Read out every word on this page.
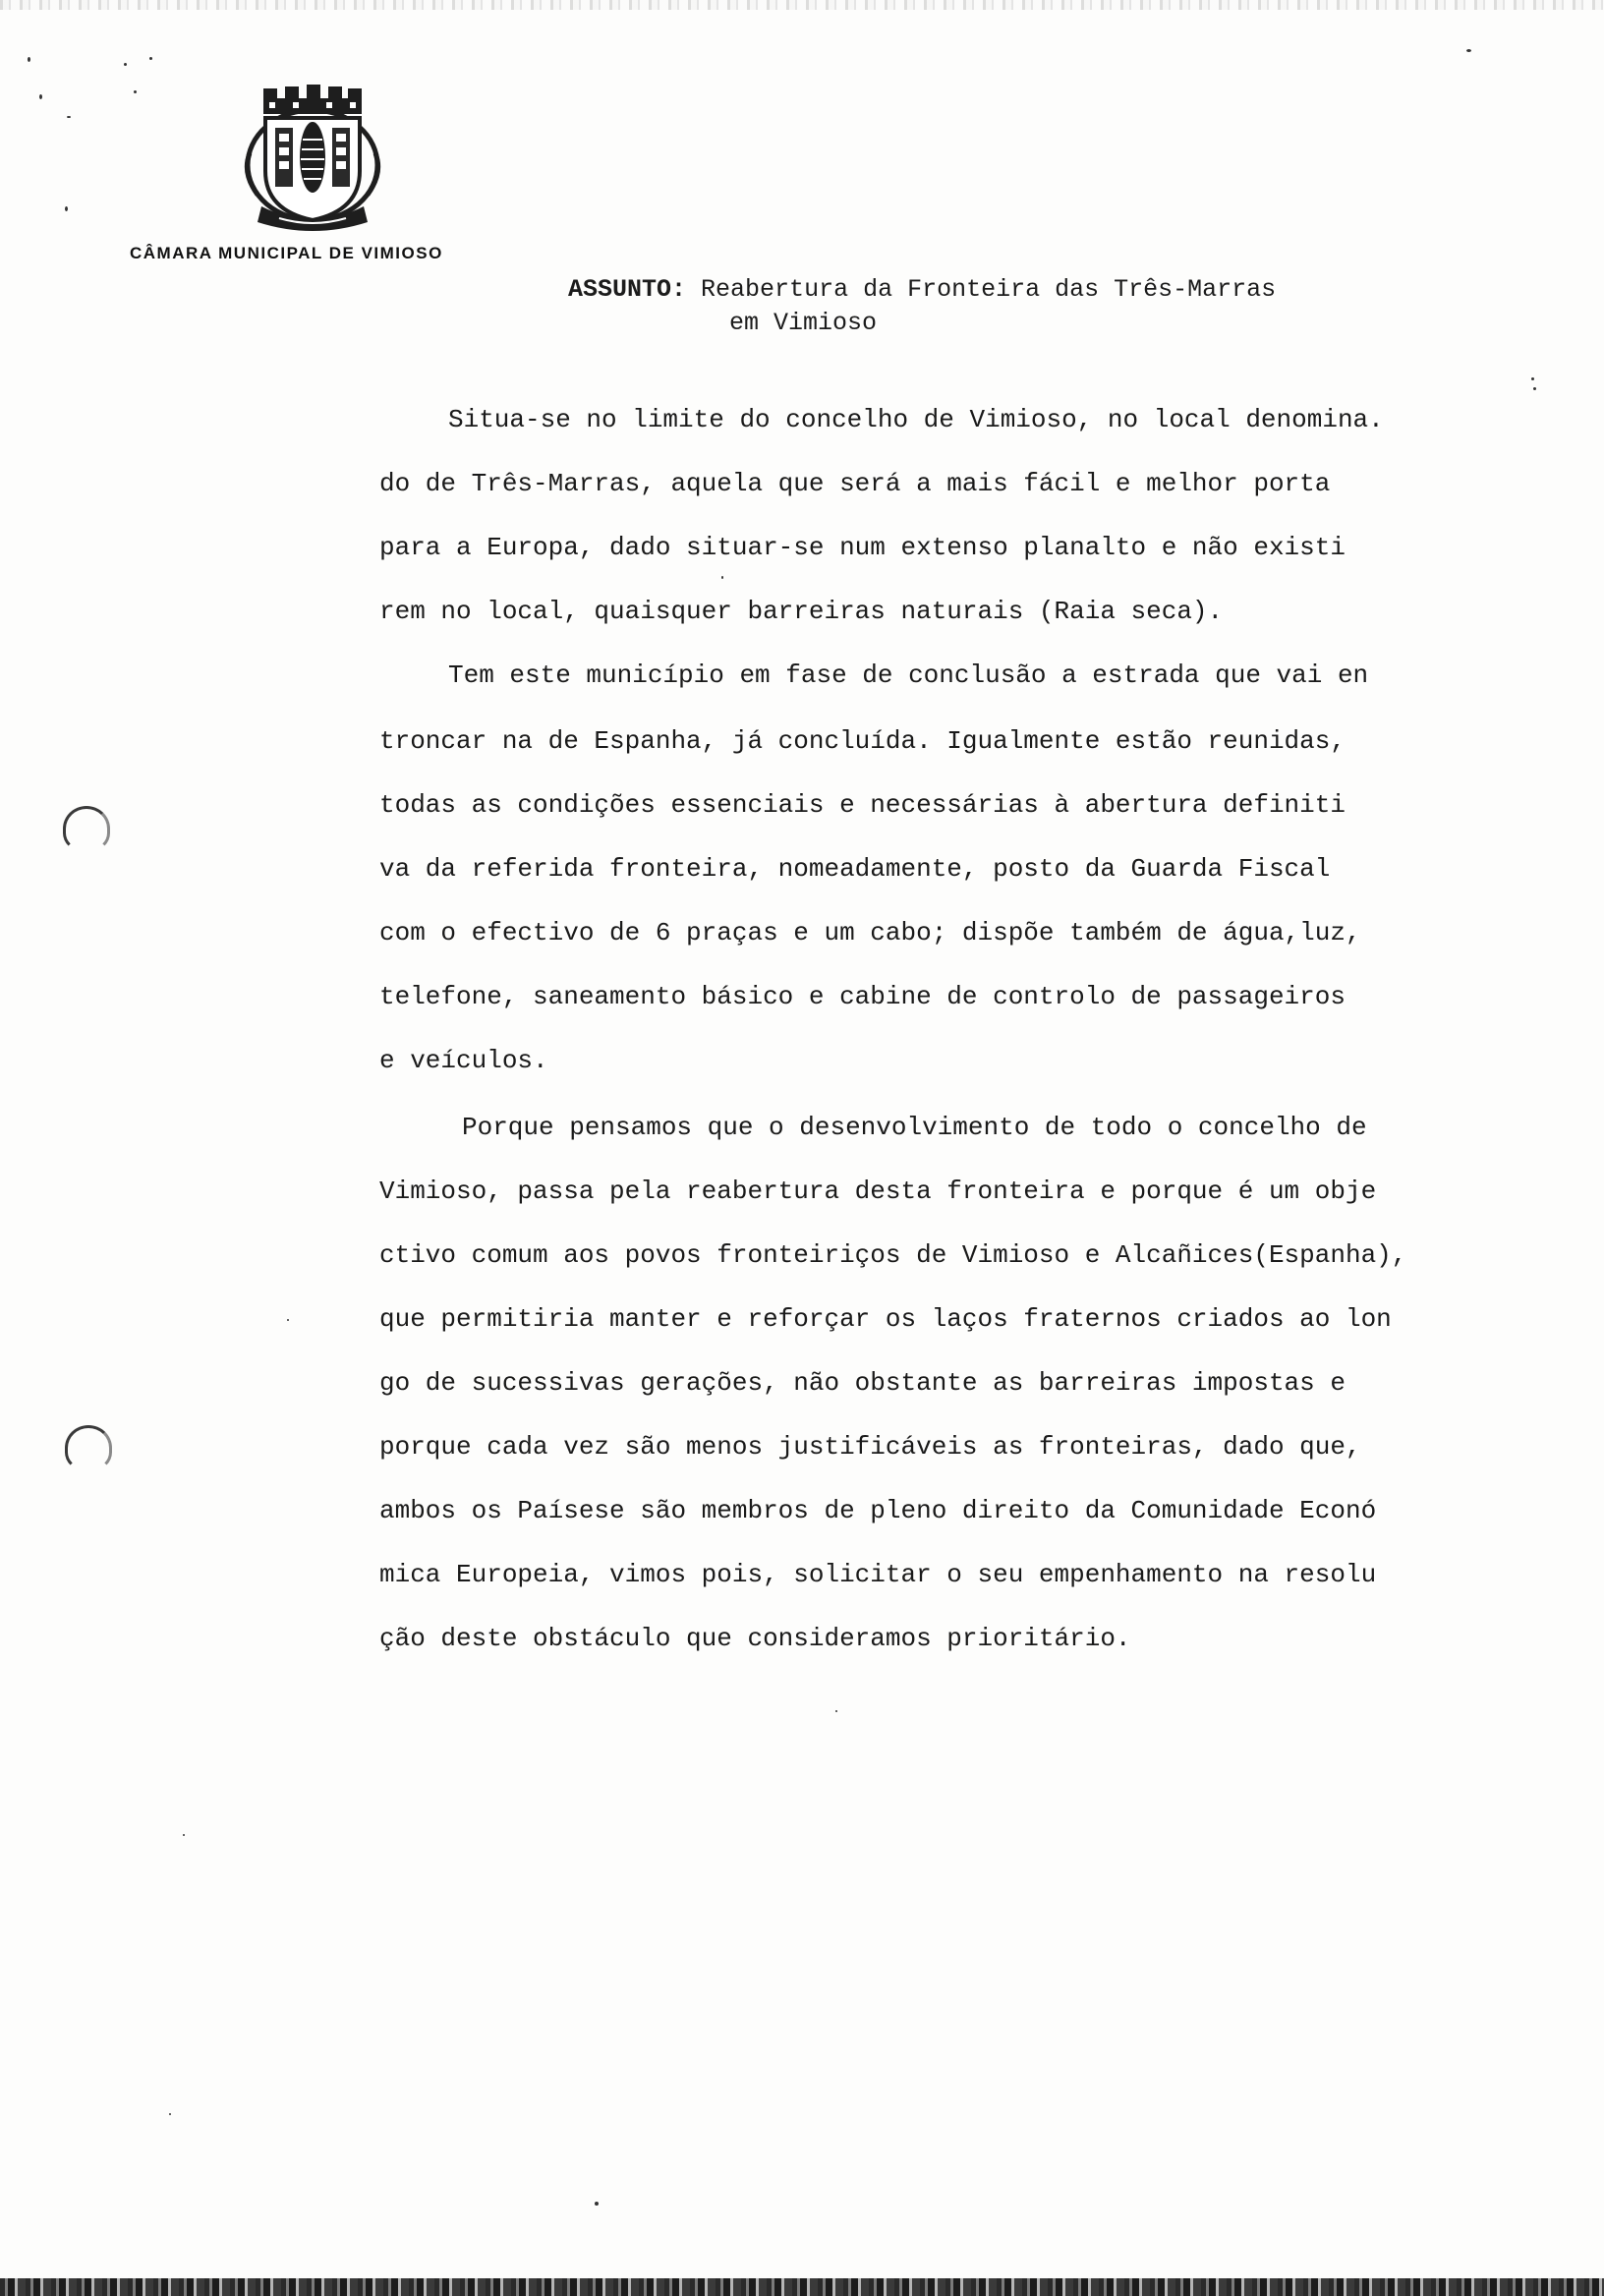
CÂMARA MUNICIPAL DE VIMIOSO
ASSUNTO: Reabertura da Fronteira das Três-Marras
em Vimioso
Situa-se no limite do concelho de Vimioso, no local denomina.
do de Três-Marras, aquela que será a mais fácil e melhor porta
para a Europa, dado situar-se num extenso planalto e não existi
rem no local, quaisquer barreiras naturais (Raia seca).
Tem este município em fase de conclusão a estrada que vai en
troncar na de Espanha, já concluída. Igualmente estão reunidas,
todas as condições essenciais e necessárias à abertura definiti
va da referida fronteira, nomeadamente, posto da Guarda Fiscal
com o efectivo de 6 praças e um cabo; dispõe também de água,luz,
telefone, saneamento básico e cabine de controlo de passageiros
e veículos.
Porque pensamos que o desenvolvimento de todo o concelho de
Vimioso, passa pela reabertura desta fronteira e porque é um obje
ctivo comum aos povos fronteiriços de Vimioso e Alcañices(Espanha),
que permitiria manter e reforçar os laços fraternos criados ao lon
go de sucessivas gerações, não obstante as barreiras impostas e
porque cada vez são menos justificáveis as fronteiras, dado que,
ambos os Paísese são membros de pleno direito da Comunidade Econó
mica Europeia, vimos pois, solicitar o seu empenhamento na resolu
ção deste obstáculo que consideramos prioritário.
